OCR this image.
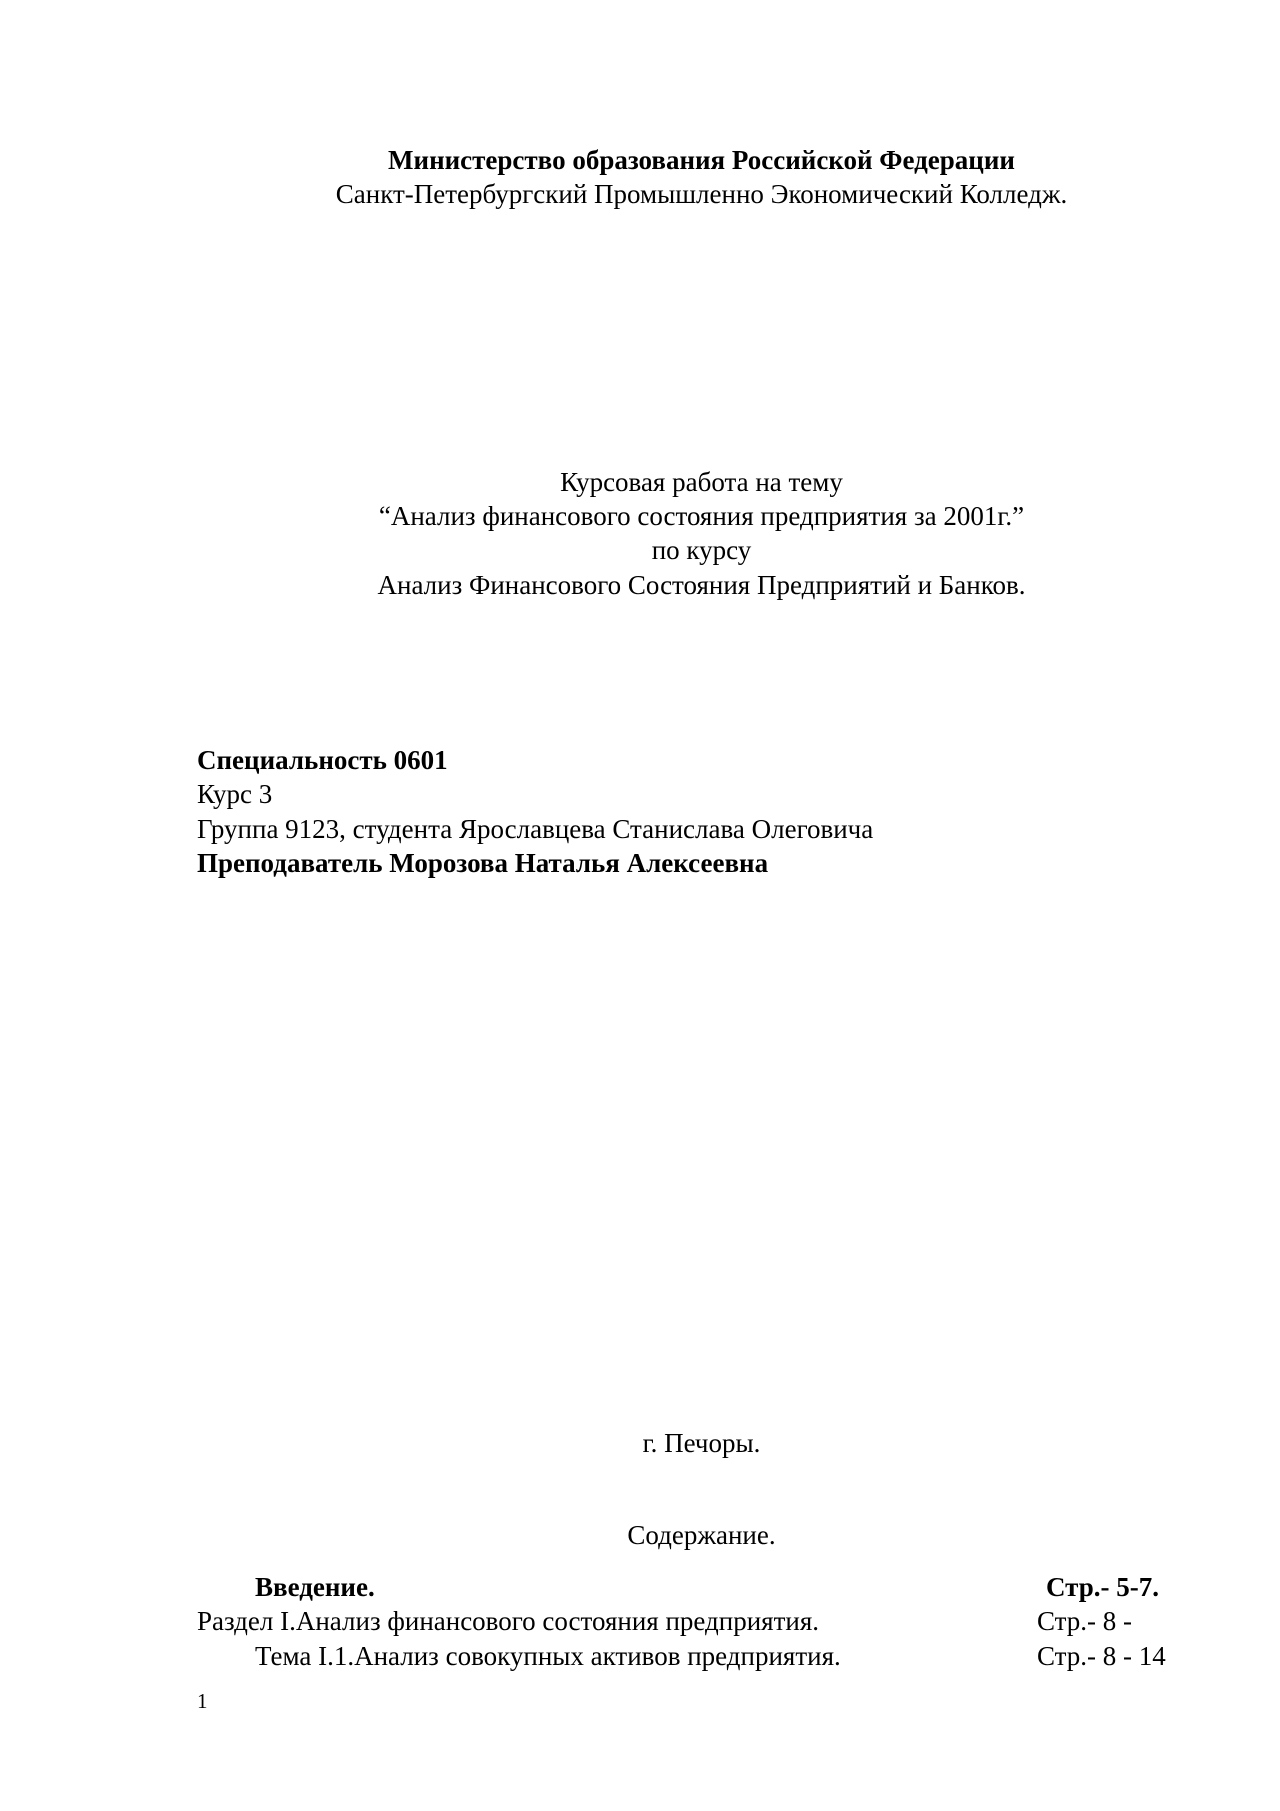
Министерство образования Российской Федерации
Санкт-Петербургский Промышленно Экономический Колледж.
Курсовая работа на тему
“Анализ финансового состояния предприятия за 2001г.”
по курсу
Анализ Финансового Состояния Предприятий и Банков.
Специальность 0601
Курс 3
Группа 9123, студента Ярославцева Станислава Олеговича
Преподаватель Морозова Наталья Алексеевна
г. Печоры.
Содержание.
Введение.	Стр.- 5-7.
Раздел I.Анализ финансового состояния предприятия.	Стр.- 8 -
Тема I.1.Анализ совокупных активов предприятия.	Стр.- 8 - 14
1
